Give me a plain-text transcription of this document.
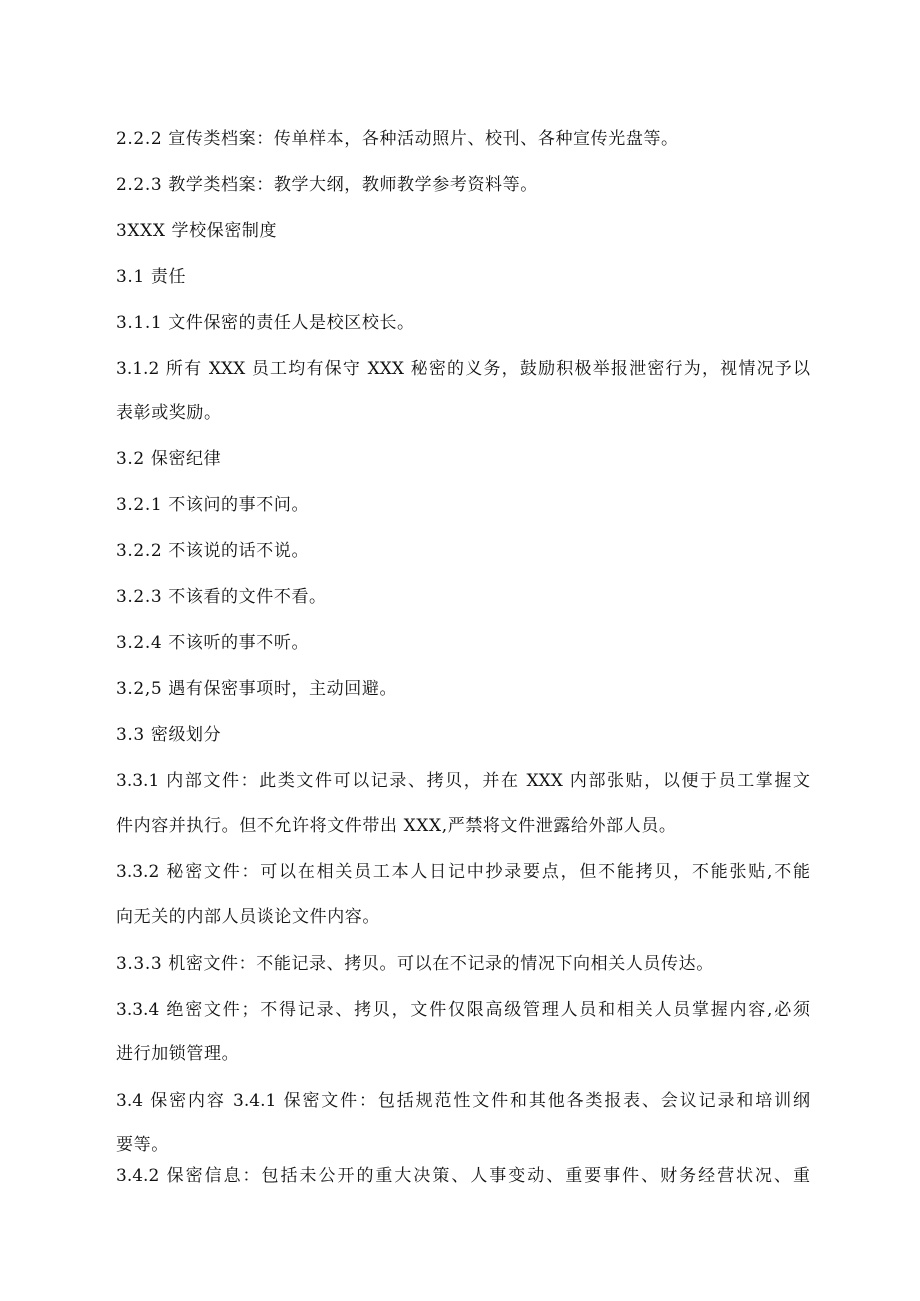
2.2.2 宣传类档案：传单样本，各种活动照片、校刊、各种宣传光盘等。
2.2.3 教学类档案：教学大纲，教师教学参考资料等。
3XXX 学校保密制度
3.1 责任
3.1.1 文件保密的责任人是校区校长。
3.1.2 所有 XXX 员工均有保守 XXX 秘密的义务，鼓励积极举报泄密行为，视情况予以
表彰或奖励。
3.2 保密纪律
3.2.1 不该问的事不问。
3.2.2 不该说的话不说。
3.2.3 不该看的文件不看。
3.2.4 不该听的事不听。
3.2,5 遇有保密事项时，主动回避。
3.3 密级划分
3.3.1 内部文件：此类文件可以记录、拷贝，并在 XXX 内部张贴，以便于员工掌握文
件内容并执行。但不允许将文件带出 XXX,严禁将文件泄露给外部人员。
3.3.2 秘密文件：可以在相关员工本人日记中抄录要点，但不能拷贝，不能张贴,不能
向无关的内部人员谈论文件内容。
3.3.3 机密文件：不能记录、拷贝。可以在不记录的情况下向相关人员传达。
3.3.4 绝密文件；不得记录、拷贝，文件仅限高级管理人员和相关人员掌握内容,必须
进行加锁管理。
3.4 保密内容 3.4.1 保密文件：包括规范性文件和其他各类报表、会议记录和培训纲
要等。
3.4.2 保密信息：包括未公开的重大决策、人事变动、重要事件、财务经营状况、重
